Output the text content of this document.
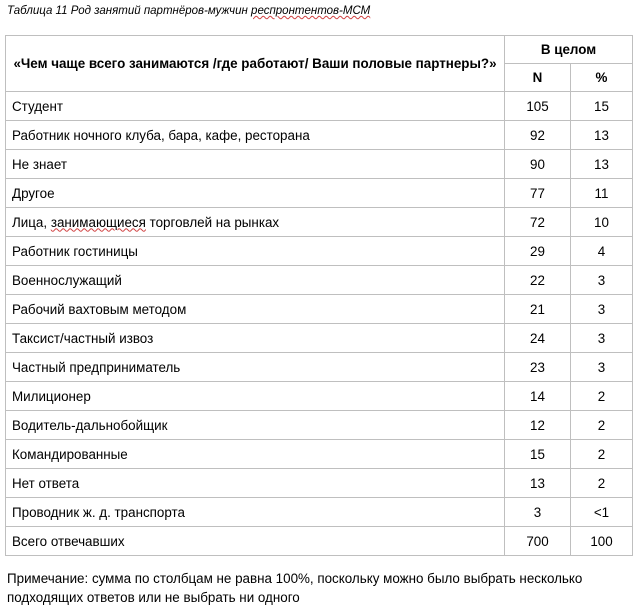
Таблица 11 Род занятий партнёров-мужчин респронтентов-МСМ
«Чем чаще всего занимаются /где работают/ Ваши половые партнеры?»	В целом	
	N	%
Студент	105	15
Работник ночного клуба, бара, кафе, ресторана	92	13
Не знает	90	13
Другое	77	11
Лица, занимающиеся торговлей на рынках	72	10
Работник гостиницы	29	4
Военнослужащий	22	3
Рабочий вахтовым методом	21	3
Таксист/частный извоз	24	3
Частный предприниматель	23	3
Милиционер	14	2
Водитель-дальнобойщик	12	2
Командированные	15	2
Нет ответа	13	2
Проводник ж. д. транспорта	3	<1
Всего отвечавших	700	100
Примечание: сумма по столбцам не равна 100%, поскольку можно было выбрать несколько подходящих ответов или не выбрать ни одного
